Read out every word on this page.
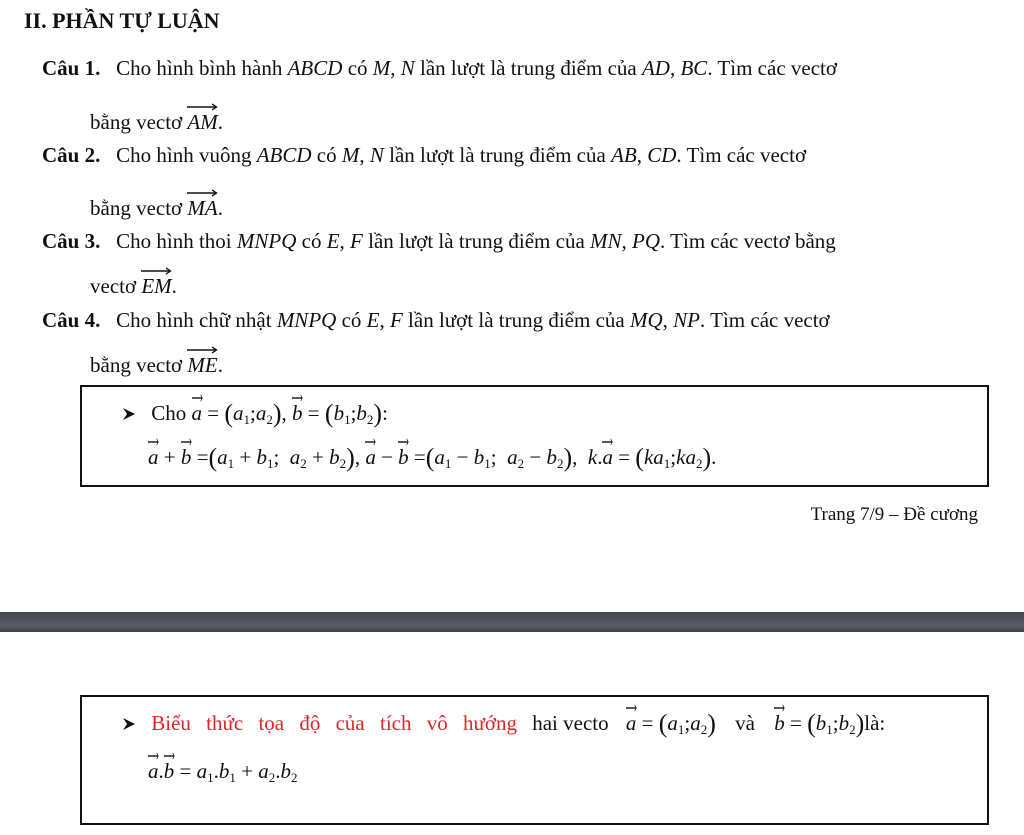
II. PHẦN TỰ LUẬN
Câu 1.   Cho hình bình hành ABCD có M, N lần lượt là trung điểm của AD, BC. Tìm các vectơ
bằng vectơ AM.
Câu 2.   Cho hình vuông ABCD có M, N lần lượt là trung điểm của AB, CD. Tìm các vectơ
bằng vectơ MA.
Câu 3.   Cho hình thoi MNPQ có E, F lần lượt là trung điểm của MN, PQ. Tìm các vectơ bằng
vectơ EM.
Câu 4.   Cho hình chữ nhật MNPQ có E, F lần lượt là trung điểm của MQ, NP. Tìm các vectơ
bằng vectơ ME.
Cho $a = (a_1;a_2)$,
$b = (b_1;b_2)$:
a +
$b =(a_1 + b_1$;  $a_2 + b_2$),
a −
$b =(a_1 - b_1$;  $a_2 - b_2$),  k.
$a = (ka_1;ka_2)$.
Trang 7/9 – Đề cương
Biểu thức tọa độ của tích vô hướng hai vecto $a = (a_1;a_2)$ và $b = (b_1;b_2)là$:
a.
$b = a_1.b_1 + a_2.b_2$
